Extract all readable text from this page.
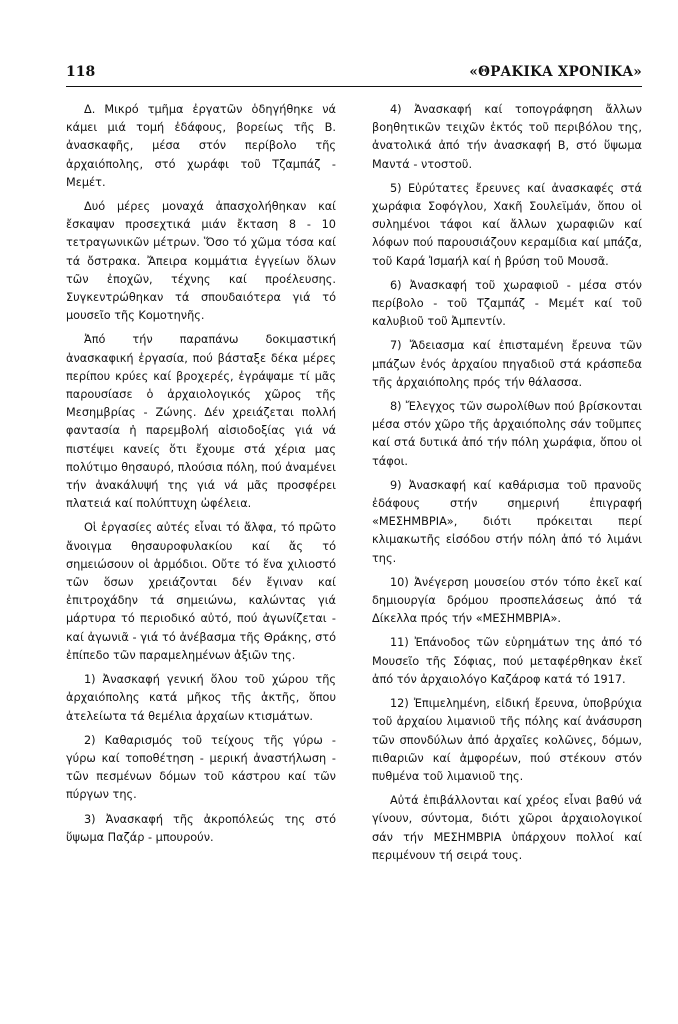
118	«ΘΡΑΚΙΚΑ ΧΡΟΝΙΚΑ»

Δ. Μικρό τμῆμα ἐργατῶν ὁδηγήθηκε νά κάμει μιά τομή ἐδάφους, βορείως τῆς Β. ἀνασκαφῆς, μέσα στόν περίβολο τῆς ἀρχαιόπολης, στό χωράφι τοῦ Τζαμπάζ - Μεμέτ.

Δυό μέρες μοναχά ἀπασχολήθηκαν καί ἔσκαψαν προσεχτικά μιάν ἔκταση 8 - 10 τετραγωνικῶν μέτρων. Ὅσο τό χῶμα τόσα καί τά ὄστρακα. Ἄπειρα κομμάτια ἐγγείων ὅλων τῶν ἐποχῶν, τέχνης καί προέλευσης. Συγκεντρώθηκαν τά σπουδαιότερα γιά τό μουσεῖο τῆς Κομοτηνῆς.

Ἀπό τήν παραπάνω δοκιμαστική ἀνασκαφική ἐργασία, πού βάσταξε δέκα μέρες περίπου κρύες καί βροχερές, ἐγράψαμε τί μᾶς παρουσίασε ὁ ἀρχαιολογικός χῶρος τῆς Μεσημβρίας - Ζώνης. Δέν χρειάζεται πολλή φαντασία ἡ παρεμβολή αἰσιοδοξίας γιά νά πιστέψει κανείς ὅτι ἔχουμε στά χέρια μας πολύτιμο θησαυρό, πλούσια πόλη, πού ἀναμένει τήν ἀνακάλυψή της γιά νά μᾶς προσφέρει πλατειά καί πολύπτυχη ὠφέλεια.

Οἱ ἐργασίες αὐτές εἶναι τό ἄλφα, τό πρῶτο ἄνοιγμα θησαυροφυλακίου καί ἄς τό σημειώσουν οἱ ἁρμόδιοι. Οὔτε τό ἕνα χιλιοστό τῶν ὅσων χρειάζονται δέν ἔγιναν καί ἐπιτροχάδην τά σημειώνω, καλώντας γιά μάρτυρα τό περιοδικό αὐτό, πού ἀγωνίζεται - καί ἀγωνιᾶ - γιά τό ἀνέβασμα τῆς Θράκης, στό ἐπίπεδο τῶν παραμελημένων ἀξιῶν της.

1) Ἀνασκαφή γενική ὅλου τοῦ χώρου τῆς ἀρχαιόπολης κατά μῆκος τῆς ἀκτῆς, ὅπου ἀτελείωτα τά θεμέλια ἀρχαίων κτισμάτων.

2) Καθαρισμός τοῦ τείχους τῆς γύρω - γύρω καί τοποθέτηση - μερική ἀναστήλωση - τῶν πεσμένων δόμων τοῦ κάστρου καί τῶν πύργων της.

3) Ἀνασκαφή τῆς ἀκροπόλεώς της στό ὕψωμα Παζάρ - μπουρούν.

4) Ἀνασκαφή καί τοπογράφηση ἄλλων βοηθητικῶν τειχῶν ἐκτός τοῦ περιβόλου της, ἀνατολικά ἀπό τήν ἀνασκαφή Β, στό ὕψωμα Μαντά - ντοστοῦ.

5) Εὐρύτατες ἔρευνες καί ἀνασκαφές στά χωράφια Σοφόγλου, Χακῆ Σουλεϊμάν, ὅπου οἱ συλημένοι τάφοι καί ἄλλων χωραφιῶν καί λόφων πού παρουσιάζουν κεραμίδια καί μπάζα, τοῦ Καρά Ἰσμαήλ καί ἡ βρύση τοῦ Μουσᾶ.

6) Ἀνασκαφή τοῦ χωραφιοῦ - μέσα στόν περίβολο - τοῦ Τζαμπάζ - Μεμέτ καί τοῦ καλυβιοῦ τοῦ Ἀμπεντίν.

7) Ἄδειασμα καί ἐπισταμένη ἔρευνα τῶν μπάζων ἑνός ἀρχαίου πηγαδιοῦ στά κράσπεδα τῆς ἀρχαιόπολης πρός τήν θάλασσα.

8) Ἔλεγχος τῶν σωρολίθων πού βρίσκονται μέσα στόν χῶρο τῆς ἀρχαιόπολης σάν τοῦμπες καί στά δυτικά ἀπό τήν πόλη χωράφια, ὅπου οἱ τάφοι.

9) Ἀνασκαφή καί καθάρισμα τοῦ πρανοῦς ἐδάφους στήν σημερινή ἐπιγραφή «ΜΕΣΗΜΒΡΙΑ», διότι πρόκειται περί κλιμακωτῆς εἰσόδου στήν πόλη ἀπό τό λιμάνι της.

10) Ἀνέγερση μουσείου στόν τόπο ἐκεῖ καί δημιουργία δρόμου προσπελάσεως ἀπό τά Δίκελλα πρός τήν «ΜΕΣΗΜΒΡΙΑ».

11) Ἐπάνοδος τῶν εὑρημάτων της ἀπό τό Μουσεῖο τῆς Σόφιας, πού μεταφέρθηκαν ἐκεῖ ἀπό τόν ἀρχαιολόγο Καζάροφ κατά τό 1917.

12) Ἐπιμελημένη, εἰδική ἔρευνα, ὑποβρύχια τοῦ ἀρχαίου λιμανιοῦ τῆς πόλης καί ἀνάσυρση τῶν σπονδύλων ἀπό ἀρχαῖες κολῶνες, δόμων, πιθαριῶν καί ἀμφορέων, πού στέκουν στόν πυθμένα τοῦ λιμανιοῦ της.

Αὐτά ἐπιβάλλονται καί χρέος εἶναι βαθύ νά γίνουν, σύντομα, διότι χῶροι ἀρχαιολογικοί σάν τήν ΜΕΣΗΜΒΡΙΑ ὑπάρχουν πολλοί καί περιμένουν τή σειρά τους.
